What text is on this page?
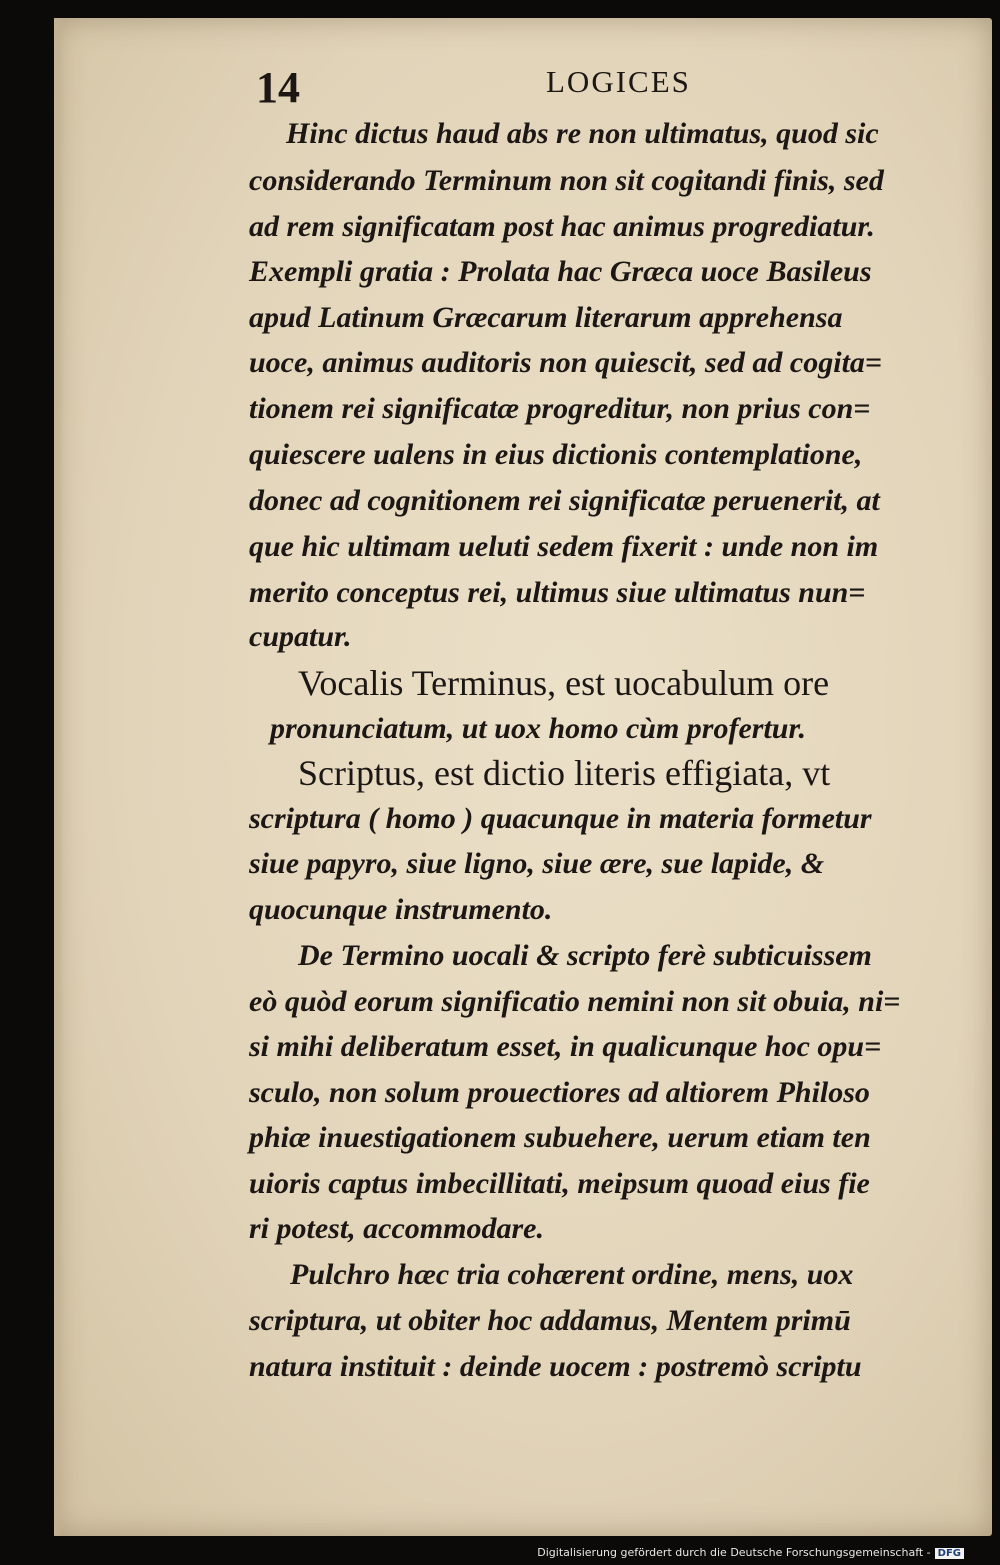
14	LOGICES
Hinc dictus haud abs re non ultimatus, quod sic
considerando Terminum non sit cogitandi finis, sed
ad rem significatam post hac animus progrediatur.
Exempli gratia : Prolata hac Græca uoce Basileus
apud Latinum Græcarum literarum apprehensa
uoce, animus auditoris non quiescit, sed ad cogita=
tionem rei significatæ progreditur, non prius con=
quiescere ualens in eius dictionis contemplatione,
donec ad cognitionem rei significatæ peruenerit, at
que hic ultimam ueluti sedem fixerit : unde non im
merito conceptus rei, ultimus siue ultimatus nun=
cupatur.
Vocalis Terminus, est uocabulum ore
pronunciatum, ut uox homo cùm profertur.
Scriptus, est dictio literis effigiata, vt
scriptura ( homo ) quacunque in materia formetur
siue papyro, siue ligno, siue ære, sue lapide, &
quocunque instrumento.
De Termino uocali & scripto ferè subticuissem
eò quòd eorum significatio nemini non sit obuia, ni=
si mihi deliberatum esset, in qualicunque hoc opu=
sculo, non solum prouectiores ad altiorem Philoso
phiæ inuestigationem subuehere, uerum etiam ten
uioris captus imbecillitati, meipsum quoad eius fie
ri potest, accommodare.
Pulchro hæc tria cohærent ordine, mens, uox
scriptura, ut obiter hoc addamus, Mentem primū
natura instituit : deinde uocem : postremò scriptu
Digitalisierung gefördert durch die Deutsche Forschungsgemeinschaft - DFG
